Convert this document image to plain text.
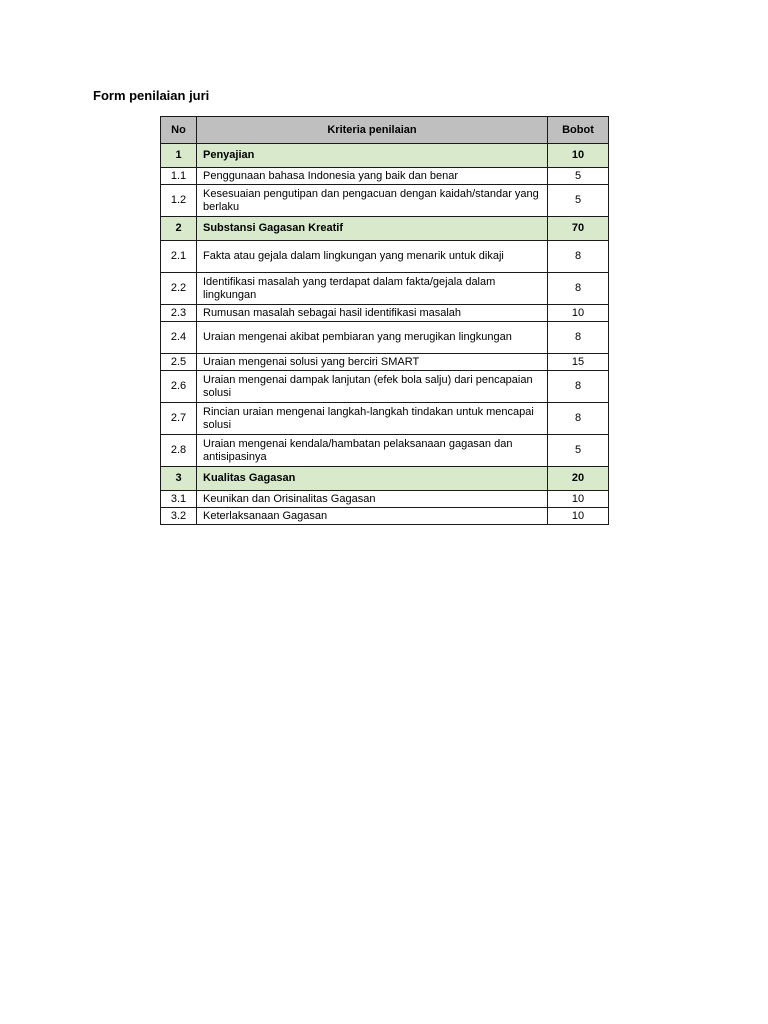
Form penilaian juri
No	Kriteria penilaian	Bobot
1	Penyajian	10
1.1	Penggunaan bahasa Indonesia yang baik dan benar	5
1.2	Kesesuaian pengutipan dan pengacuan dengan kaidah/standar yang berlaku	5
2	Substansi Gagasan Kreatif	70
2.1	Fakta atau gejala dalam lingkungan yang menarik untuk dikaji	8
2.2	Identifikasi masalah yang terdapat dalam fakta/gejala dalam lingkungan	8
2.3	Rumusan masalah sebagai hasil identifikasi masalah	10
2.4	Uraian mengenai akibat pembiaran yang merugikan lingkungan	8
2.5	Uraian mengenai solusi yang berciri SMART	15
2.6	Uraian mengenai dampak lanjutan (efek bola salju) dari pencapaian solusi	8
2.7	Rincian uraian mengenai langkah-langkah tindakan untuk mencapai solusi	8
2.8	Uraian mengenai kendala/hambatan pelaksanaan gagasan dan antisipasinya	5
3	Kualitas Gagasan	20
3.1	Keunikan dan Orisinalitas Gagasan	10
3.2	Keterlaksanaan Gagasan	10
